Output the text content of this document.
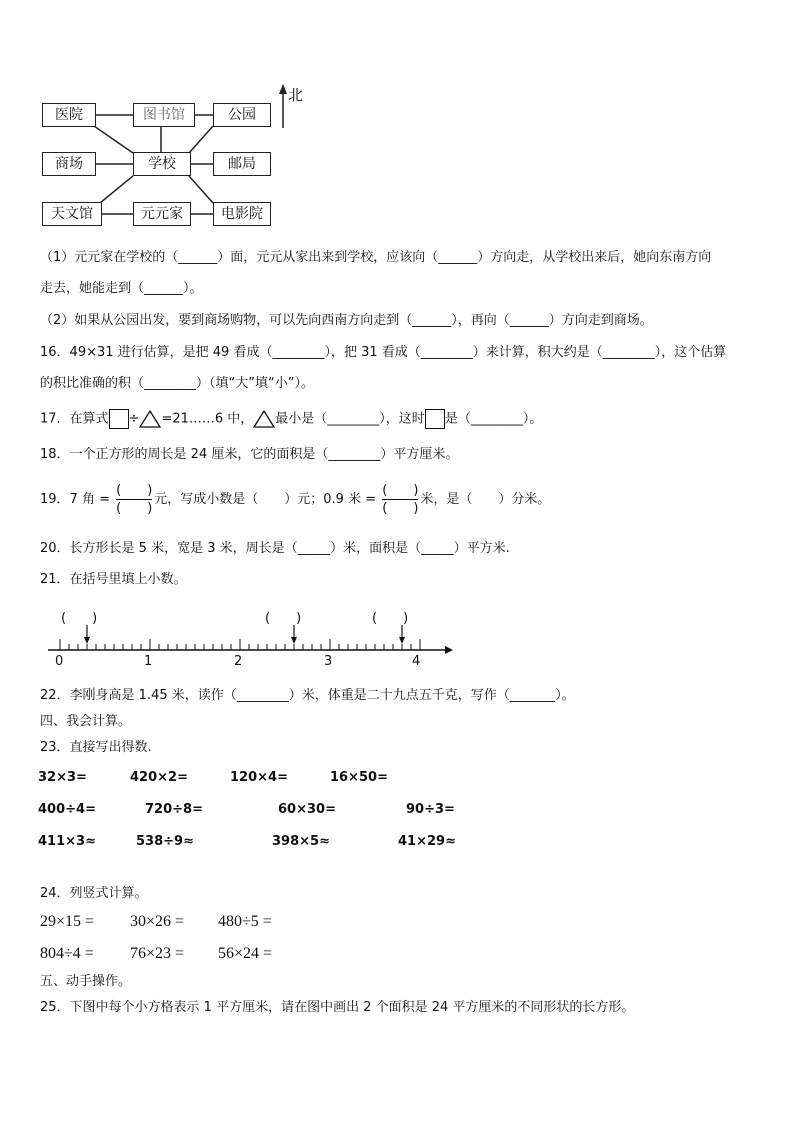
北
医院	图书馆	公园
商场	学校	邮局
天文馆	元元家	电影院
（1）元元家在学校的（______）面，元元从家出来到学校，应该向（______）方向走，从学校出来后，她向东南方向
走去，她能走到（______）。
（2）如果从公园出发，要到商场购物，可以先向西南方向走到（______），再向（______）方向走到商场。
16．49×31 进行估算，是把 49 看成（________），把 31 看成（________）来计算，积大约是（________），这个估算
的积比准确的积（________）（填“大”填“小”）。
17．在算式 ÷ =21……6 中， 最小是（________），这时 是（________）。
18．一个正方形的周长是 24 厘米，它的面积是（________）平方厘米。
19．7 角 = $\frac{( )}{( )}$ 元，写成小数是（　　）元；0.9 米 = $\frac{( )}{( )}$ 米，是（　　）分米。
20．长方形长是 5 米，宽是 3 米，周长是（_____）米，面积是（_____）平方米.
21．在括号里填上小数。
(　　)	(　　)	(　　)
0	1	2	3	4
22．李刚身高是 1.45 米，读作（________）米，体重是二十九点五千克，写作（_______）。
四、我会计算。
23．直接写出得数.
32×3=	420×2=	120×4=	16×50=
400÷4=	720÷8=	60×30=	90÷3=
411×3≈	538÷9≈	398×5≈	41×29≈
24．列竖式计算。
29×15 = 30×26 = 480÷5 =
804÷4 = 76×23 = 56×24 =
五、动手操作。
25．下图中每个小方格表示 1 平方厘米，请在图中画出 2 个面积是 24 平方厘米的不同形状的长方形。
